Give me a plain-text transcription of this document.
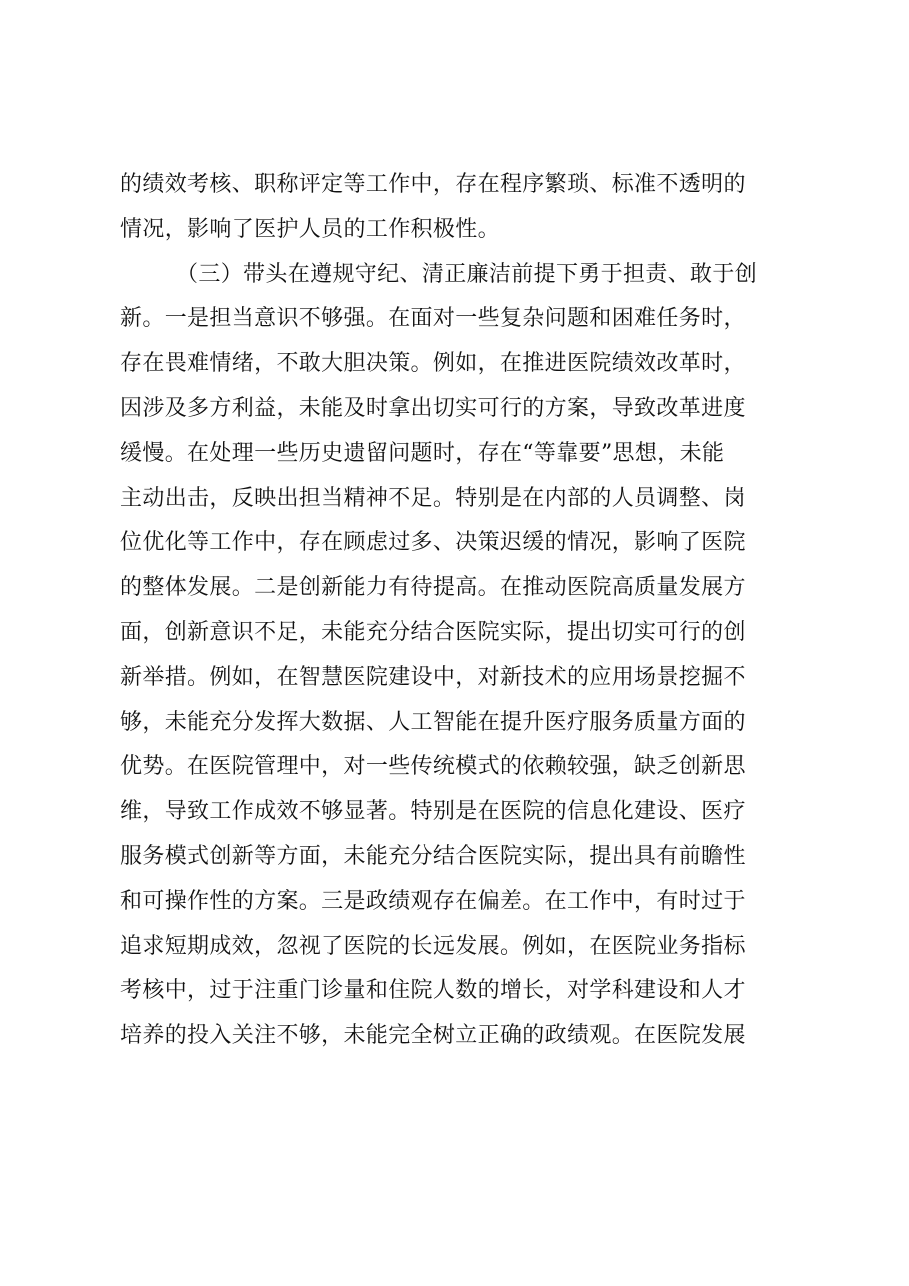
的绩效考核、职称评定等工作中，存在程序繁琐、标准不透明的
情况，影响了医护人员的工作积极性。
（三）带头在遵规守纪、清正廉洁前提下勇于担责、敢于创
新。一是担当意识不够强。在面对一些复杂问题和困难任务时，
存在畏难情绪，不敢大胆决策。例如，在推进医院绩效改革时，
因涉及多方利益，未能及时拿出切实可行的方案，导致改革进度
缓慢。在处理一些历史遗留问题时，存在“等靠要”思想，未能
主动出击，反映出担当精神不足。特别是在内部的人员调整、岗
位优化等工作中，存在顾虑过多、决策迟缓的情况，影响了医院
的整体发展。二是创新能力有待提高。在推动医院高质量发展方
面，创新意识不足，未能充分结合医院实际，提出切实可行的创
新举措。例如，在智慧医院建设中，对新技术的应用场景挖掘不
够，未能充分发挥大数据、人工智能在提升医疗服务质量方面的
优势。在医院管理中，对一些传统模式的依赖较强，缺乏创新思
维，导致工作成效不够显著。特别是在医院的信息化建设、医疗
服务模式创新等方面，未能充分结合医院实际，提出具有前瞻性
和可操作性的方案。三是政绩观存在偏差。在工作中，有时过于
追求短期成效，忽视了医院的长远发展。例如，在医院业务指标
考核中，过于注重门诊量和住院人数的增长，对学科建设和人才
培养的投入关注不够，未能完全树立正确的政绩观。在医院发展
